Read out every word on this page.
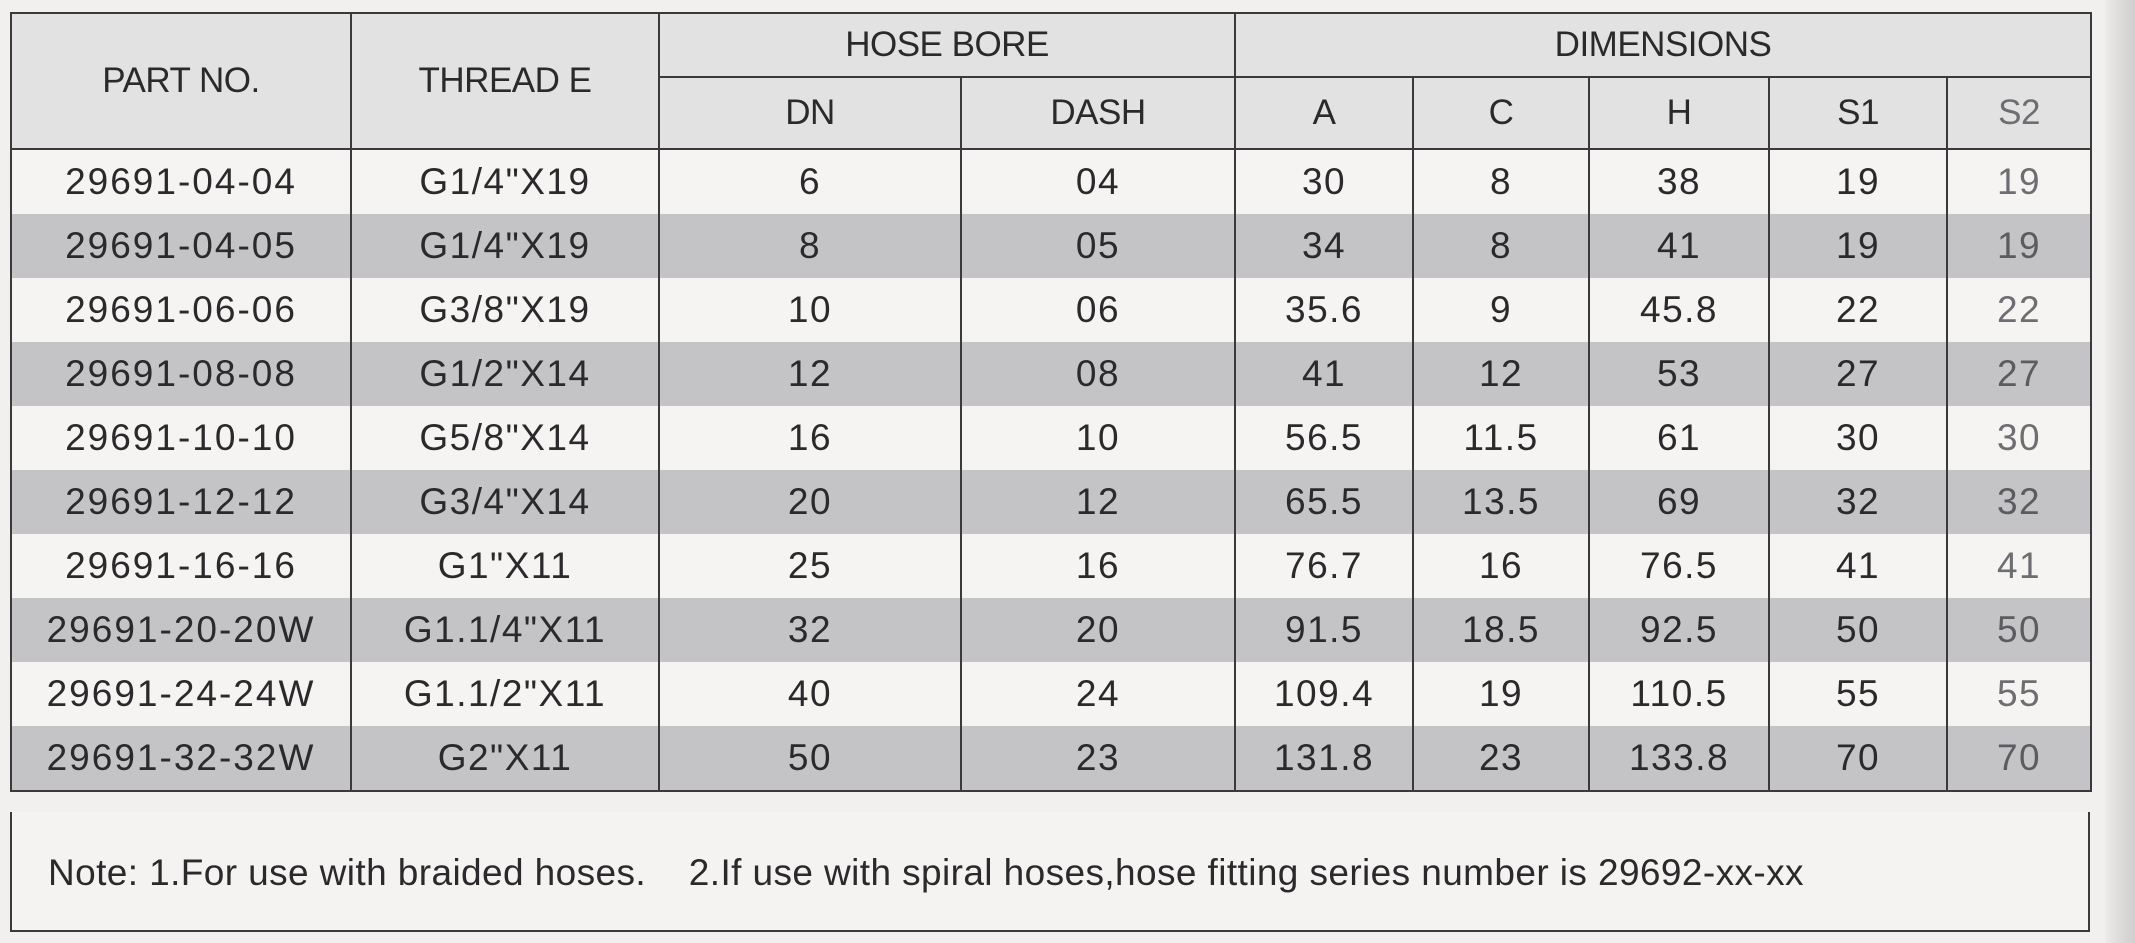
PART NO.	THREAD E	HOSE BORE		DIMENSIONS				
		DN	DASH	A	C	H	S1	S2
29691-04-04	G1/4"X19	6	04	30	8	38	19	19
29691-04-05	G1/4"X19	8	05	34	8	41	19	19
29691-06-06	G3/8"X19	10	06	35.6	9	45.8	22	22
29691-08-08	G1/2"X14	12	08	41	12	53	27	27
29691-10-10	G5/8"X14	16	10	56.5	11.5	61	30	30
29691-12-12	G3/4"X14	20	12	65.5	13.5	69	32	32
29691-16-16	G1"X11	25	16	76.7	16	76.5	41	41
29691-20-20W	G1.1/4"X11	32	20	91.5	18.5	92.5	50	50
29691-24-24W	G1.1/2"X11	40	24	109.4	19	110.5	55	55
29691-32-32W	G2"X11	50	23	131.8	23	133.8	70	70
Note: 1.For use with braided hoses.    2.If use with spiral hoses,hose fitting series number is 29692-xx-xx
